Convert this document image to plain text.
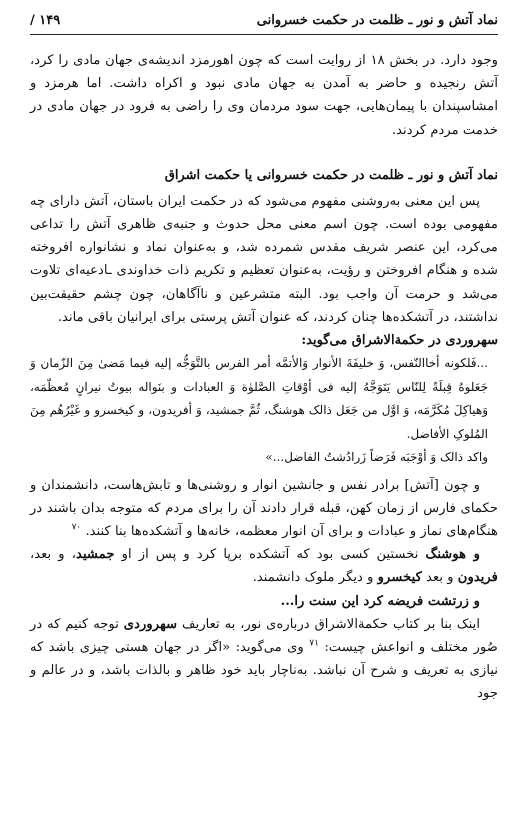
نماد آتش و نور ـ ظلمت در حکمت خسروانی
۱۴۹ /

وجود دارد. در بخش ۱۸ از روایت است که چون اهورمزد اندیشه‌ی جهان مادی را کرد، آتش رنجیده و حاضر به آمدن به جهان مادی نبود و اکراه داشت. اما هرمزد و امشاسپندان با پیمان‌هایی، جهت سود مردمان وی را راضی به فرود در جهان مادی در خدمت مردم کردند.

نماد آتش و نور ـ ظلمت در حکمت خسروانی یا حکمت اشراق

پس این معنی به‌روشنی مفهوم می‌شود که در حکمت ایران باستان، آتش دارای چه مفهومی بوده است. چون اسم معنی محل حدوث و جنبه‌ی ظاهری آتش را تداعی می‌کرد، این عنصر شریف مقدس شمرده شد، و به‌عنوان نماد و نشانواره افروخته شده و هنگام افروختن و رؤیت، به‌عنوان تعظیم و تکریم ذات خداوندی ـادعیه‌ای تلاوت می‌شد و حرمت آن واجب بود. البته متشرعین و ناآگاهان، چون چشم حقیقت‌بین نداشتند، در آتشکده‌ها چنان کردند، که عنوان آتش پرستی برای ایرانیان باقی ماند.

سهروردی در حکمة‌الاشراق می‌گوید:

...فَلکونه أخاالنّفس، وَ خلیفَةَ الأنوار وَالأتمَّه أمر الفرس بالتَّوَجُّه إلیه فیما مَضیٰ مِنَ الزّمان وَ جَعَلوهُ قِبلَةً لِلنّاس یَتَوَجَّهُ إلیه فی أوْقاتِ الصَّلوٰة وَ العبادات و بنَواله بیوتُ نیرانٍ مُعظّمَه، وَهیاکِلَ مُکَرَّمَه، وَ اوَّل من جَعَل ذالک هوشنگ، ثُمَّ جمشید، وَ أفریدون، و کیخسرو و غَیْرُهُم مِنَ المُلوکِ الأفاضل.

واکد ذالک وَ أوْجَبَه فَرَضاً زَرادُشتُ الفاضل...»

و چون [آتش] برادر نفس و جانشین انوار و روشنی‌ها و تابش‌هاست، دانشمندان و حکمای فارس از زمان کهن، قبله قرار دادند آن را برای مردم که متوجه بدان باشند در هنگام‌های نماز و عبادات و برای آن انوار معظمه، خانه‌ها و آتشکده‌ها بنا کنند. $^{۷۰}$

و هوشنگ نخستین کسی بود که آتشکده برپا کرد و پس از او جمشید، و بعد، فریدون و بعد کیخسرو و دیگر ملوک دانشمند.

و زرتشت فریضه کرد این سنت را...

اینک بنا بر کتاب حکمة‌الاشراق درباره‌ی نور، به تعاریف سهروردی توجه کنیم که در صُور مختلف و انواعش چیست: $^{۷۱}$ وی می‌گوید: «اگر در جهان هستی چیزی باشد که نیازی به تعریف و شرح آن نباشد. به‌ناچار باید خود ظاهر و بالذات باشد، و در عالم و جود
